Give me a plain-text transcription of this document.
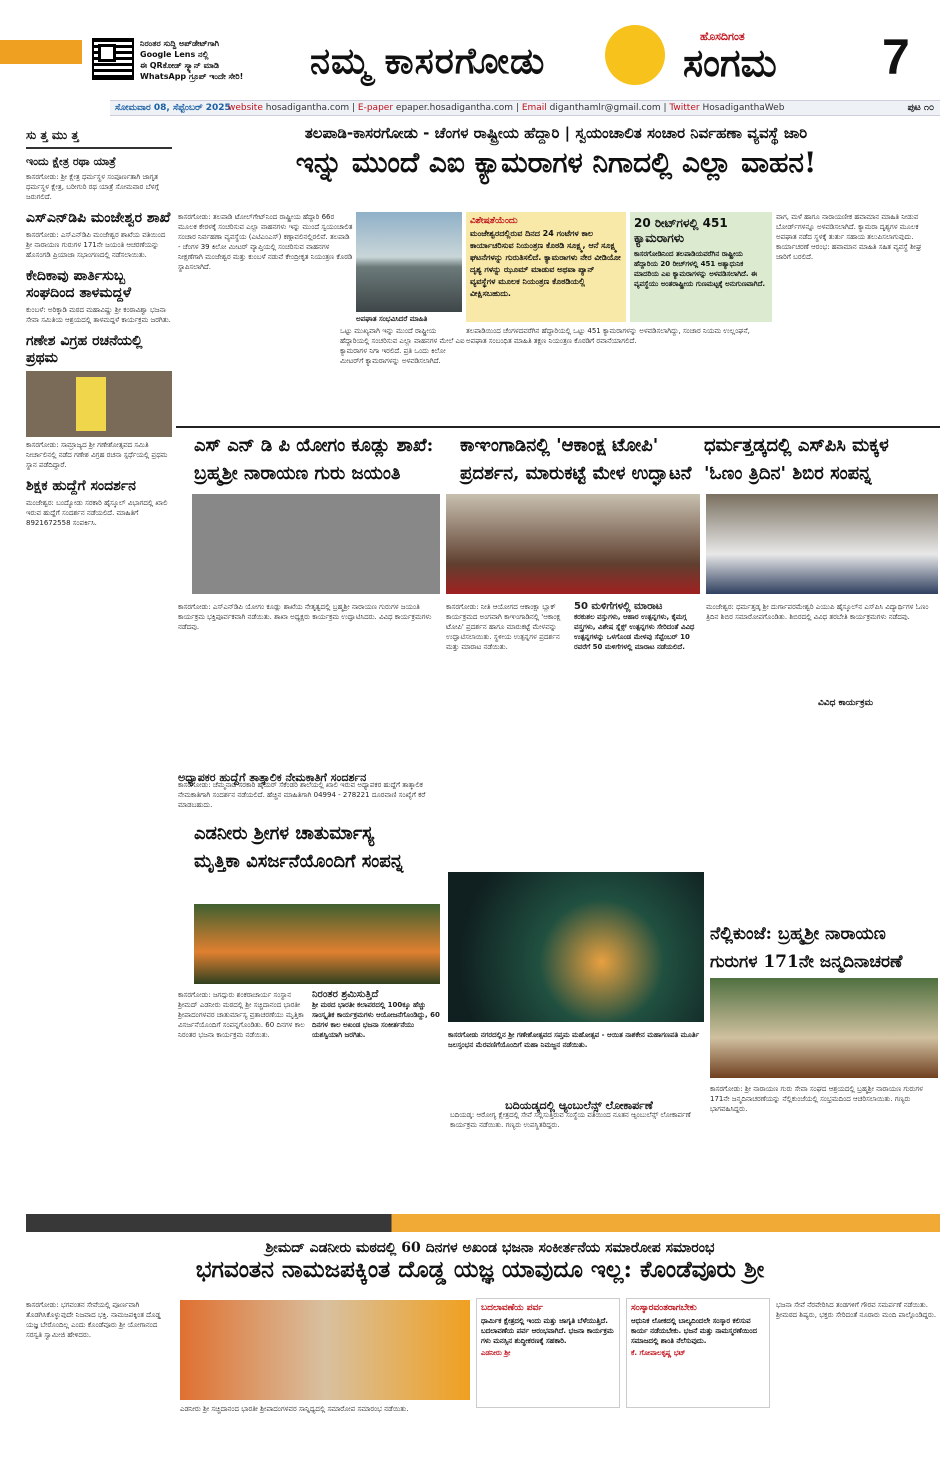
ನಿರಂತರ ಸುದ್ದಿ ಅಪ್‌ಡೇಟ್‌ಗಾಗಿ
Google Lens ನಲ್ಲಿ
ಈ QRಕೋಡ್ ಸ್ಕ್ಯಾನ್ ಮಾಡಿ
WhatsApp ಗ್ರೂಪ್ ಇಂದೇ ಸೇರಿ!	ನಮ್ಮ ಕಾಸರಗೋಡು
ಹೊಸದಿಗಂತ
ಸಂಗಮ 7
ಸೋಮವಾರ 08, ಸೆಪ್ಟೆಂಬರ್ 2025
website hosadigantha.com | E-paper epaper.hosadigantha.com | Email diganthamlr@gmail.com | Twitter HosadiganthaWeb	ಪುಟ ೧೦
ಸು ತ್ತ ಮು ತ್ತ
ಇಂದು ಕ್ಷೇತ್ರ ರಥಾ ಯಾತ್ರೆ
ಕಾಸರಗೋಡು: ಶ್ರೀ ಕ್ಷೇತ್ರ ಧರ್ಮಸ್ಥಳ ಸಂಪೂರ್ಣತಾಗಿ ಜಾಗೃತ ಧರ್ಮಸ್ಥಳ ಕ್ಷೇತ್ರ, ಬರೀಗುರಿ ರಥ ಯಾತ್ರೆ ಸೋಮವಾರ ಬೆಳಗ್ಗೆ ಜರುಗಲಿದೆ.
ಎಸ್‌ಎನ್‌ಡಿಪಿ ಮಂಜೇಶ್ವರ ಶಾಖೆ
ಕಾಸರಗೋಡು: ಎಸ್‌ಎನ್‌ಡಿಪಿ ಮಂಜೇಶ್ವರ ಶಾಖೆಯ ವತಿಯಿಂದ ಶ್ರೀ ನಾರಾಯಣ ಗುರುಗಳ 171ನೇ ಜಯಂತಿ ಆಚರಣೆಯನ್ನು ಹೊಸಂಗಡಿ ಪ್ರಿಯಾಜಾ ಸಭಾಂಗಣದಲ್ಲಿ ನಡೆಸಲಾಯಿತು.
ಕೇದಿಕಾವು ಪಾರ್ತಿಸುಬ್ಬ ಸಂಘದಿಂದ ತಾಳಮದ್ದಳೆ
ಕುಂಬಳೆ: ಅರಿಕ್ಕಾಡಿ ಮಠದ ಮಹಾವಿಷ್ಣು ಶ್ರೀ ಕಂಠಾವಿಶ್ವಾ ಭಜನಾ ಸೇವಾ ಸಮಿತಿಯ ಆಶ್ರಯದಲ್ಲಿ ತಾಳಮದ್ದಳೆ ಕಾರ್ಯಕ್ರಮ ಜರಗಿತು.
ಗಣೇಶ ವಿಗ್ರಹ ರಚನೆಯಲ್ಲಿ ಪ್ರಥಮ
ಕಾಸರಗೋಡು: ಸಾಮ್ರಾಜ್ಯದ ಶ್ರೀ ಗಣೇಶೋತ್ಸವದ ಸಮಿತಿ ನೀರ್ಚಾಲಿನಲ್ಲಿ ನಡೆದ ಗಣೇಶ ವಿಗ್ರಹ ರಚನಾ ಸ್ಪರ್ಧೆಯಲ್ಲಿ ಪ್ರಥಮ ಸ್ಥಾನ ಪಡೆದಿದ್ದಾರೆ.
ಶಿಕ್ಷಕ ಹುದ್ದೆಗೆ ಸಂದರ್ಶನ
ಮಂಜೇಶ್ವರ: ಬಂದ್ಯೋಡು ಸರಕಾರಿ ಹೈಸ್ಕೂಲ್ ವಿಭಾಗದಲ್ಲಿ ಖಾಲಿ ಇರುವ ಹುದ್ದೆಗೆ ಸಂದರ್ಶನ ನಡೆಯಲಿದೆ. ಮಾಹಿತಿಗೆ 8921672558 ಸಂಪರ್ಕಿಸಿ.
ತಲಪಾಡಿ-ಕಾಸರಗೋಡು - ಚೆಂಗಳ ರಾಷ್ಟ್ರೀಯ ಹೆದ್ದಾರಿ | ಸ್ವಯಂಚಾಲಿತ ಸಂಚಾರ ನಿರ್ವಹಣಾ ವ್ಯವಸ್ಥೆ ಜಾರಿ
ಇನ್ನು ಮುಂದೆ ಎಐ ಕ್ಯಾಮರಾಗಳ ನಿಗಾದಲ್ಲಿ ಎಲ್ಲಾ ವಾಹನ!
ಕಾಸರಗೋಡು: ತಲಪಾಡಿ ಟೋಲ್‌ಗೇಟ್‌ನಿಂದ ರಾಷ್ಟ್ರೀಯ ಹೆದ್ದಾರಿ 66ರ ಮೂಲಕ ಕೇರಳಕ್ಕೆ ಸಂಚರಿಸುವ ಎಲ್ಲಾ ವಾಹನಗಳು ಇನ್ನು ಮುಂದೆ ಸ್ವಯಂಚಾಲಿತ ಸಂಚಾರ ನಿರ್ವಹಣಾ ವ್ಯವಸ್ಥೆಯ (ಎಟಿಎಂಎಸ್) ಕಣ್ಗಾವಲಿನಲ್ಲಿರಲಿವೆ. ತಲಪಾಡಿ - ಚೆಂಗಳ 39 ಕಿಲೋ ಮೀಟರ್ ವ್ಯಾಪ್ತಿಯಲ್ಲಿ ಸಂಚರಿಸುವ ವಾಹನಗಳ ನೀಕ್ಷಣೆಗಾಗಿ ಮಂಜೇಶ್ವರ ಮತ್ತು ಕುಂಬಳೆ ನಡುವೆ ಕೇಂದ್ರೀಕೃತ ನಿಯಂತ್ರಣ ಕೊಠಡಿ ಸ್ಥಾಪಿಸಲಾಗಿದೆ.
ಅಪಘಾತ ಸಂಭವಿಸಿದರೆ ಮಾಹಿತಿ
ಒಟ್ಟು ಮುಖ್ಯವಾಗಿ ಇನ್ನು ಮುಂದೆ ರಾಷ್ಟ್ರೀಯ ಹೆದ್ದಾರಿಯಲ್ಲಿ ಸಂಚರಿಸುವ ಎಲ್ಲಾ ವಾಹನಗಳ ಮೇಲೆ ಎಐ ಕ್ಯಾಮರಾಗಳ ನಿಗಾ ಇರಲಿದೆ. ಪ್ರತಿ ಒಂದು ಕಿಲೋ ಮೀಟರ್‌ಗೆ ಕ್ಯಾಮರಾಗಳನ್ನು ಅಳವಡಿಸಲಾಗಿದೆ.
ವಿಶೇಷತೆಯೆಂದು
ಮಂಜೇಶ್ವರದಲ್ಲಿರುವ ದಿನದ 24 ಗಂಟೆಗಳ ಕಾಲ ಕಾರ್ಯಾಚರಿಸುವ ನಿಯಂತ್ರಣ ಕೊಠಡಿ ಸೂಕ್ಷ್ಮ, ಆನೆ ಸೂಕ್ಷ್ಮ ಘಟನೆಗಳನ್ನು ಗುರುತಿಸಲಿದೆ. ಕ್ಯಾಮರಾಗಳು ನೇರ ವೀಡಿಯೋ ದೃಶ್ಯ ಗಳನ್ನು ಝೂಮ್ ಮಾಡುವ ಅಥವಾ ಪ್ಯಾನ್ ವ್ಯವಸ್ಥೆಗಳ ಮೂಲಕ ನಿಯಂತ್ರಣ ಕೊಠಡಿಯಲ್ಲಿ ವೀಕ್ಷಿಸಬಹುದು.
20 ರೀಟ್‌ಗಳಲ್ಲಿ 451 ಕ್ಯಾಮರಾಗಳು
ಕಾಸರಗೋಡಿನಿಂದ ತಲಪಾಡಿಯವರೆಗಿನ ರಾಷ್ಟ್ರೀಯ ಹೆದ್ದಾರಿಯ 20 ರೀಚ್‌ಗಳಲ್ಲಿ 451 ಅತ್ಯಾಧುನಿಕ ಮಾದರಿಯ ಎಐ ಕ್ಯಾಮರಾಗಳನ್ನು ಅಳವಡಿಸಲಾಗಿದೆ. ಈ ವ್ಯವಸ್ಥೆಯು ಅಂತರಾಷ್ಟ್ರೀಯ ಗುಣಮಟ್ಟಕ್ಕೆ ಅನುಗುಣವಾಗಿದೆ.
ತಲಪಾಡಿಯಿಂದ ಚೆಂಗಳದವರೆಗಿನ ಹೆದ್ದಾರಿಯಲ್ಲಿ ಒಟ್ಟು 451 ಕ್ಯಾಮರಾಗಳನ್ನು ಅಳವಡಿಸಲಾಗಿದ್ದು, ಸಂಚಾರ ನಿಯಮ ಉಲ್ಲಂಘನೆ, ಅಪಘಾತ ಸಂಬಂಧಿತ ಮಾಹಿತಿ ತಕ್ಷಣ ನಿಯಂತ್ರಣ ಕೊಠಡಿಗೆ ರವಾನೆಯಾಗಲಿದೆ.
ವಾಗ, ಮಳೆ ಹಾಗೂ ನಾರಾಯಣೀಕ ಹವಾಮಾನ ಮಾಹಿತಿ ನೀಡುವ ಬೋರ್ಡ್‌ಗಳನ್ನೂ ಅಳವಡಿಸಲಾಗಿದೆ. ಕ್ಯಾಮರಾ ದೃಶ್ಯಗಳ ಮೂಲಕ ಅಪಘಾತ ನಡೆದ ಸ್ಥಳಕ್ಕೆ ತುರ್ತು ಸಹಾಯ ತಲುಪಿಸಲಾಗುವುದು. ಕಾರ್ಯಾಚರಣೆ ಆರಂಭ: ಹವಾಮಾನ ಮಾಹಿತಿ ಸಹಿತ ವ್ಯವಸ್ಥೆ ಶೀಘ್ರ ಜಾರಿಗೆ ಬರಲಿದೆ.
ಎಸ್ ಎನ್ ಡಿ ಪಿ ಯೋಗಂ ಕೂಡ್ಲು ಶಾಖೆ:
ಬ್ರಹ್ಮಶ್ರೀ ನಾರಾಯಣ ಗುರು ಜಯಂತಿ
ಕಾಸರಗೋಡು: ಎಸ್‌ಎನ್‌ಡಿಪಿ ಯೋಗಂ ಕೂಡ್ಲು ಶಾಖೆಯ ನೇತೃತ್ವದಲ್ಲಿ ಬ್ರಹ್ಮಶ್ರೀ ನಾರಾಯಣ ಗುರುಗಳ ಜಯಂತಿ ಕಾರ್ಯಕ್ರಮ ಭಕ್ತಿಪೂರ್ವಕವಾಗಿ ನಡೆಯಿತು. ಶಾಖಾ ಅಧ್ಯಕ್ಷರು ಕಾರ್ಯಕ್ರಮ ಉದ್ಘಾಟಿಸಿದರು. ವಿವಿಧ ಕಾರ್ಯಕ್ರಮಗಳು ನಡೆದವು.
ಕಾಞಂಗಾಡಿನಲ್ಲಿ 'ಆಕಾಂಕ್ಷ ಟೋಪಿ'
ಪ್ರದರ್ಶನ, ಮಾರುಕಟ್ಟೆ ಮೇಳ ಉದ್ಘಾಟನೆ
ಕಾಸರಗೋಡು: ನೀತಿ ಆಯೋಗದ ಆಕಾಂಕ್ಷಾ ಬ್ಲಾಕ್ ಕಾರ್ಯಕ್ರಮದ ಅಂಗವಾಗಿ ಕಾಞಂಗಾಡಿನಲ್ಲಿ 'ಆಕಾಂಕ್ಷ ಟೋಪಿ' ಪ್ರದರ್ಶನ ಹಾಗೂ ಮಾರುಕಟ್ಟೆ ಮೇಳವನ್ನು ಉದ್ಘಾಟಿಸಲಾಯಿತು. ಸ್ಥಳೀಯ ಉತ್ಪನ್ನಗಳ ಪ್ರದರ್ಶನ ಮತ್ತು ಮಾರಾಟ ನಡೆಯಿತು.
50 ಮಳಿಗೆಗಳಲ್ಲಿ ಮಾರಾಟ
ಕರಕುಶಲ ವಸ್ತುಗಳು, ಆಹಾರ ಉತ್ಪನ್ನಗಳು, ಕೈಮಗ್ಗ ವಸ್ತ್ರಗಳು, ವಿಶೇಷ ಸ್ನೆಕ್ಸ್ ಉತ್ಪನ್ನಗಳು ಸೇರಿದಂತೆ ವಿವಿಧ ಉತ್ಪನ್ನಗಳನ್ನು ಒಳಗೊಂಡ ಮೇಳವು ಸೆಪ್ಟೆಂಬರ್ 10 ರವರೆಗೆ 50 ಮಳಿಗೆಗಳಲ್ಲಿ ಮಾರಾಟ ನಡೆಯಲಿದೆ.
ಧರ್ಮತ್ತಡ್ಕದಲ್ಲಿ ಎಸ್‌ಪಿಸಿ ಮಕ್ಕಳ
'ಓಣಂ ತ್ರಿದಿನ' ಶಿಬಿರ ಸಂಪನ್ನ
ಮಂಜೇಶ್ವರ: ಧರ್ಮತ್ತಡ್ಕ ಶ್ರೀ ದುರ್ಗಾಪರಮೇಶ್ವರಿ ಎಯುಪಿ ಹೈಸ್ಕೂಲ್‌ನ ಎಸ್‌ಪಿಸಿ ವಿದ್ಯಾರ್ಥಿಗಳ ಓಣಂ ತ್ರಿದಿನ ಶಿಬಿರ ಸಮಾರೋಪಗೊಂಡಿತು. ಶಿಬಿರದಲ್ಲಿ ವಿವಿಧ ತರಬೇತಿ ಕಾರ್ಯಕ್ರಮಗಳು ನಡೆದವು.
ವಿವಿಧ ಕಾರ್ಯಕ್ರಮ
ಅಧ್ಯಾಪಕರ ಹುದ್ದೆಗೆ ತಾತ್ಕಾಲಿಕ ನೇಮಕಾತಿಗೆ ಸಂದರ್ಶನ
ಕಾಸರಗೋಡು: ಚೆಮ್ಮನಾಡ ಸರಕಾರಿ ಹೈಯರ್ ಸೆಕೆಂಡರಿ ಶಾಲೆಯಲ್ಲಿ ಖಾಲಿ ಇರುವ ಅಧ್ಯಾಪಕರ ಹುದ್ದೆಗೆ ತಾತ್ಕಾಲಿಕ ನೇಮಕಾತಿಗಾಗಿ ಸಂದರ್ಶನ ನಡೆಯಲಿದೆ. ಹೆಚ್ಚಿನ ಮಾಹಿತಿಗಾಗಿ 04994 - 278221 ದೂರವಾಣಿ ಸಂಖ್ಯೆಗೆ ಕರೆ ಮಾಡಬಹುದು.
ಎಡನೀರು ಶ್ರೀಗಳ ಚಾತುರ್ಮಾಸ್ಯ
ಮೃತ್ತಿಕಾ ವಿಸರ್ಜನೆಯೊಂದಿಗೆ ಸಂಪನ್ನ
ಕಾಸರಗೋಡು: ಜಗದ್ಗುರು ಶಂಕರಾಚಾರ್ಯ ಸಂಸ್ಥಾನ ಶ್ರೀಮದ್ ಎಡನೀರು ಮಠದಲ್ಲಿ ಶ್ರೀ ಸಚ್ಚಿದಾನಂದ ಭಾರತೀ ಶ್ರೀಪಾದಂಗಳವರ ಚಾತುರ್ಮಾಸ್ಯ ವ್ರತಾಚರಣೆಯು ಮೃತ್ತಿಕಾ ವಿಸರ್ಜನೆಯೊಂದಿಗೆ ಸಂಪನ್ನಗೊಂಡಿತು. 60 ದಿನಗಳ ಕಾಲ ನಿರಂತರ ಭಜನಾ ಕಾರ್ಯಕ್ರಮ ನಡೆಯಿತು.
ನಿರಂತರ ಶ್ರಮಿಸುತ್ತಿದೆ
ಶ್ರೀ ಮಠದ ಭಾರತೀ ಕಲಾಪರದಲ್ಲಿ 100ಕ್ಕೂ ಹೆಚ್ಚು ಸಾಂಸ್ಕೃತಿಕ ಕಾರ್ಯಕ್ರಮಗಳು ಆಯೋಜನೆಗೊಂಡಿದ್ದು, 60 ದಿನಗಳ ಕಾಲ ಅಖಂಡ ಭಜನಾ ಸಂಕೀರ್ತನೆಯು ಯಶಸ್ವಿಯಾಗಿ ಜರಗಿತು.	ಕಾಸರಗೋಡು ನಗರದಲ್ಲಿನ ಶ್ರೀ ಗಣೇಶೋತ್ಸವದ ಸಪ್ತಮ ಮಹೋತ್ಸವ - ಆಯಿತ ನಾಶಕೇನ ಮಹಾಗಣಪತಿ ಮೂರ್ತಿ ಜಲಸ್ತಂಭನ ಮೆರವಣಿಗೆಯೊಂದಿಗೆ ಮಹಾ ನಿಮಜ್ಜನ ನಡೆಯಿತು.
ನೆಲ್ಲಿಕುಂಜೆ: ಬ್ರಹ್ಮಶ್ರೀ ನಾರಾಯಣ
ಗುರುಗಳ 171ನೇ ಜನ್ಮದಿನಾಚರಣೆ
ಕಾಸರಗೋಡು: ಶ್ರೀ ನಾರಾಯಣ ಗುರು ಸೇವಾ ಸಂಘದ ಆಶ್ರಯದಲ್ಲಿ ಬ್ರಹ್ಮಶ್ರೀ ನಾರಾಯಣ ಗುರುಗಳ 171ನೇ ಜನ್ಮದಿನಾಚರಣೆಯನ್ನು ನೆಲ್ಲಿಕುಂಜೆಯಲ್ಲಿ ಸಂಭ್ರಮದಿಂದ ಆಚರಿಸಲಾಯಿತು. ಗಣ್ಯರು ಭಾಗವಹಿಸಿದ್ದರು.
ಬದಿಯಡ್ಕದಲ್ಲಿ ಆ್ಯಂಬುಲೆನ್ಸ್ ಲೋಕಾರ್ಪಣೆ
ಬದಿಯಡ್ಕ: ಆರೋಗ್ಯ ಕ್ಷೇತ್ರದಲ್ಲಿ ಸೇವೆ ಸಲ್ಲಿಸುತ್ತಿರುವ ಸಂಸ್ಥೆಯ ವತಿಯಿಂದ ನೂತನ ಆ್ಯಂಬುಲೆನ್ಸ್ ಲೋಕಾರ್ಪಣೆ ಕಾರ್ಯಕ್ರಮ ನಡೆಯಿತು. ಗಣ್ಯರು ಉಪಸ್ಥಿತರಿದ್ದರು.
ಶ್ರೀಮದ್ ಎಡನೀರು ಮಠದಲ್ಲಿ 60 ದಿನಗಳ ಅಖಂಡ ಭಜನಾ ಸಂಕೀರ್ತನೆಯ ಸಮಾರೋಪ ಸಮಾರಂಭ
ಭಗವಂತನ ನಾಮಜಪಕ್ಕಿಂತ ದೊಡ್ಡ ಯಜ್ಞ ಯಾವುದೂ ಇಲ್ಲ: ಕೊಂಡೆವೂರು ಶ್ರೀ
ಕಾಸರಗೋಡು: ಭಗವಂತನ ಸೇವೆಯಲ್ಲಿ ಪೂರ್ಣವಾಗಿ ತೊಡಗಿಸಿಕೊಳ್ಳುವುದೇ ನಿಜವಾದ ಭಕ್ತಿ. ನಾಮಜಪಕ್ಕಿಂತ ದೊಡ್ಡ ಯಜ್ಞ ಬೇರೊಂದಿಲ್ಲ ಎಂದು ಕೊಂಡೆವೂರು ಶ್ರೀ ಯೋಗಾನಂದ ಸರಸ್ವತಿ ಸ್ವಾಮೀಜಿ ಹೇಳಿದರು.
ಎಡನೀರು ಶ್ರೀ ಸಚ್ಚಿದಾನಂದ ಭಾರತೀ ಶ್ರೀಪಾದಂಗಳವರ ಸಾನ್ನಿಧ್ಯದಲ್ಲಿ ಸಮಾರೋಪ ಸಮಾರಂಭ ನಡೆಯಿತು.
ಬದಲಾವಣೆಯ ಪರ್ವ
ಧಾರ್ಮಿಕ ಕ್ಷೇತ್ರದಲ್ಲಿ ಇಂದು ಮತ್ತು ಜಾಗೃತಿ ಬೆಳೆಯುತ್ತಿದೆ. ಬದಲಾವಣೆಯ ಪರ್ವ ಆರಂಭವಾಗಿದೆ. ಭಜನಾ ಕಾರ್ಯಕ್ರಮ ಗಳು ಮನಸ್ಸಿನ ಶುದ್ಧೀಕರಣಕ್ಕೆ ಸಹಕಾರಿ.
ಎಡನೀರು ಶ್ರೀ
ಸಂಸ್ಕಾರವಂತರಾಗಬೇಕು
ಆಧುನಿಕ ಲೋಕದಲ್ಲಿ ಬಾಲ್ಯದಿಂದಲೇ ಸಂಸ್ಕಾರ ಕಲಿಸುವ ಕಾರ್ಯ ನಡೆಯಬೇಕು. ಭಜನೆ ಮತ್ತು ನಾಮಸ್ಮರಣೆಯಿಂದ ಸಮಾಜದಲ್ಲಿ ಶಾಂತಿ ನೆಲೆಸುವುದು.
ಕೆ. ಗೋಪಾಲಕೃಷ್ಣ ಭಟ್
ಭಜನಾ ಸೇವೆ ನೆರವೇರಿಸಿದ ತಂಡಗಳಿಗೆ ಗೌರವ ಸಮರ್ಪಣೆ ನಡೆಯಿತು. ಶ್ರೀಮಠದ ಶಿಷ್ಯರು, ಭಕ್ತರು ಸೇರಿದಂತೆ ನೂರಾರು ಮಂದಿ ಪಾಲ್ಗೊಂಡಿದ್ದರು.
